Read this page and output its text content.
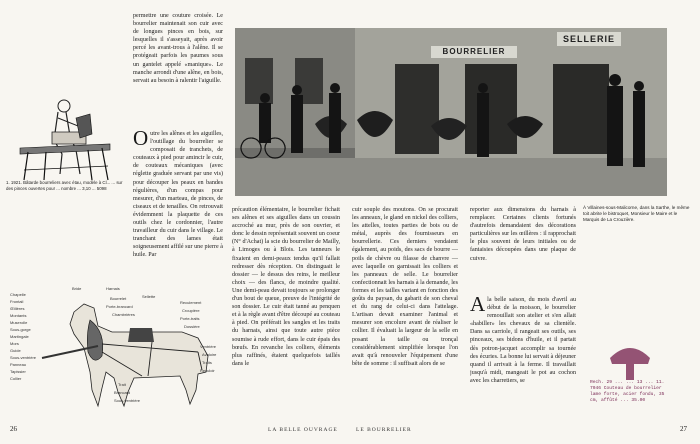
1. 1921. Bâtarde bourreliers avec étau, modèle à Cl... ... sur des pinces ouvertes pour ... nombre ... 3,10 ... 5098

permettre une couture croisée. Le bourrelier maintenait son cuir avec de longues pinces en bois, sur lesquelles il s'asseyait, après avoir percé les avant-trous à l'alêne. Il se protégeait parfois les paumes sous un gantelet appelé «manique». Le manche arrondi d'une alêne, en bois, servait au besoin à ralentir l'aiguille.

Outre les alênes et les aiguilles, l'outillage du bourrelier se composait de tranchets, de couteaux à pied pour amincir le cuir, de couteaux mécaniques (avec réglette graduée servant par une vis) pour découper les peaux en bandes régulières, d'un compas pour mesurer, d'un marteau, de pinces, de ciseaux et de tenailles. On retrouvait évidemment la plaquette de ces outils chez le cordonnier, l'autre travailleur du cuir dans le village. Le tranchant des lames était soigneusement affilé sur une pierre à huile. Par

précaution élémentaire, le bourrelier fichait ses alênes et ses aiguilles dans un coussin accroché au mur, près de son ouvrier, et donc le dessin représentait souvent un coeur (N° d'Achat) la scie du bourrelier de Mailly, à Limoges ou à Blois. Les tanneurs le fixaient en demi-peaux tendus qu'il fallait redresser dès réception. On distinguait le dossier — le dessus des reins, le meilleur choix — des flancs, de moindre qualité. Une demi-peau devait toujours se prolonger d'un bout de queue, preuve de l'intégrité de son dossier. Le cuir était tanné au penquen et à la règle avant d'être découpé au couteau à pied. On préférait les sangles et les traits du harnais, ainsi que toute autre pièce soumise à rude effort, dans le cuir épais des bœufs. En revanche les colliers, éléments plus raffinés, étaient quelquefois taillés dans le

Chapelle
Frontail
Œillères
Montants
Muserolle
Sous-gorge
Martingale
Mors
Guide
Sous-ventrière
Panneau
Tapissier
Collier
Bride	Harnais
Bourrelet
Porte-brancard
Chambrières
Sellette
Reculement
Croupière
Porte-traits
Dossière
Ventrière
Avaloire
Traits
Reculoir
Trait
Brancard
Sous-ventrière
26	LA BELLE OUVRAGE	LE BOURRELIER	27
BOURRELIER
SELLERIE
À Villaines-sous-Malicorne, dans la Sarthe, le même toit abrite le bistroquet, Monsieur le Maire et le Marquis de La Crouzière.

cuir souple des moutons. On se procurait les anneaux, le gland en nickel des colliers, les attelles, toutes parties de bois ou de métal, auprès des fournisseurs en bourrellerie. Ces derniers vendaient également, au poids, des sacs de bourre — poils de chèvre ou filasse de chanvre — avec laquelle on garnissait les colliers et les panneaux de selle. Le bourrelier confectionnait les harnais à la demande, les formes et les tailles variant en fonction des goûts du paysan, du gabarit de son cheval et du rang de celui-ci dans l'attelage. L'artisan devait examiner l'animal et mesurer son encolure avant de réaliser le collier. Il évaluait la largeur de la selle en posant la taille ou tronçal considérablement simplifiée lorsque l'on avait qu'à renouveler l'équipement d'une bête de somme : il suffisait alors de se

reporter aux dimensions du harnais à remplacer. Certaines clients fortunés d'autrefois demandaient des décorations particulières sur les œillères : il rapprochait le plus souvent de leurs initiales ou de fantaisies découpées dans une plaque de cuivre.

Ala belle saison, du mois d'avril au début de la moisson, le bourrelier remouillait son atelier et s'en allait «habiller» les chevaux de sa clientèle. Dans sa carriole, il rangeait ses outils, ses pinceaux, ses bidons d'huile, et il partait dès potron-jacquet accomplir sa tournée des écuries. La bonne lui servait à déjeuner quand il arrivait à la ferme. Il travaillait jusqu'à midi, mangeait le pot au cochon avec les charretiers, se	Rech. 29 ... ... 13 ... 11. 7046 Couteau de bourrelier lame forte, acier fondu, 35 cm, affûté ... 35.00
